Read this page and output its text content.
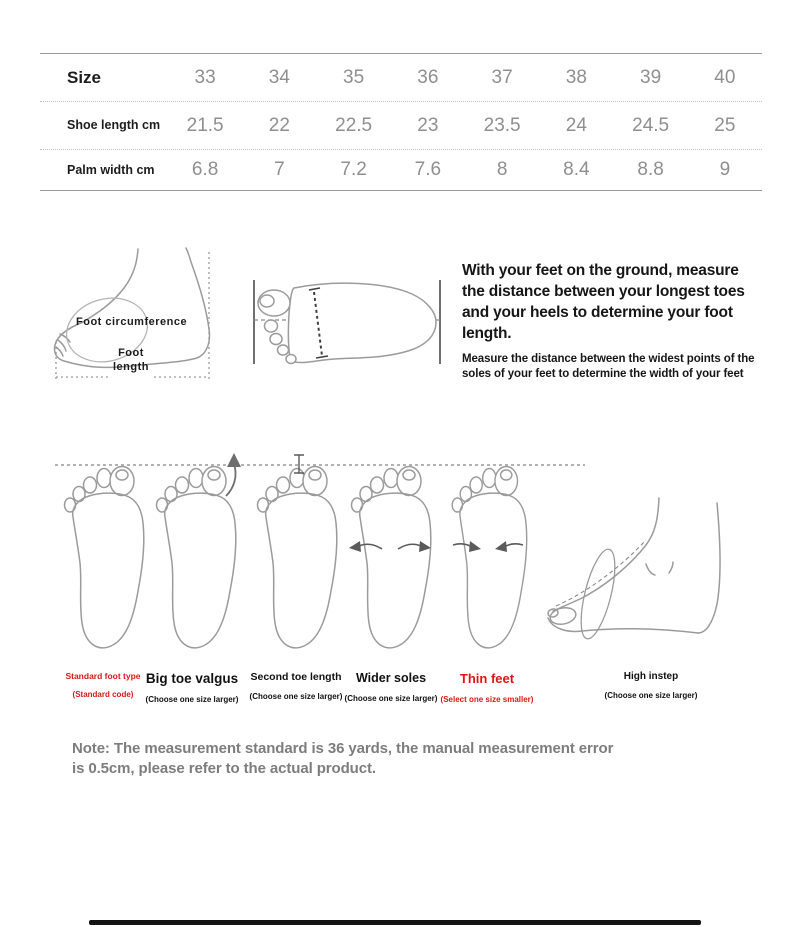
Size	33	34	35	36	37	38	39	40
Shoe length cm	21.5	22	22.5	23	23.5	24	24.5	25
Palm width cm	6.8	7	7.2	7.6	8	8.4	8.8	9
Foot circumference
Foot length
With your feet on the ground, measure the distance between your longest toes and your heels to determine your foot length.

Measure the distance between the widest points of the soles of your feet to determine the width of your feet

Standard foot type
(Standard code)
Big toe valgus
(Choose one size larger)
Second toe length
(Choose one size larger)
Wider soles
(Choose one size larger)
Thin feet
(Select one size smaller)
High instep
(Choose one size larger)
Note: The measurement standard is 36 yards, the manual measurement error is 0.5cm, please refer to the actual product.
